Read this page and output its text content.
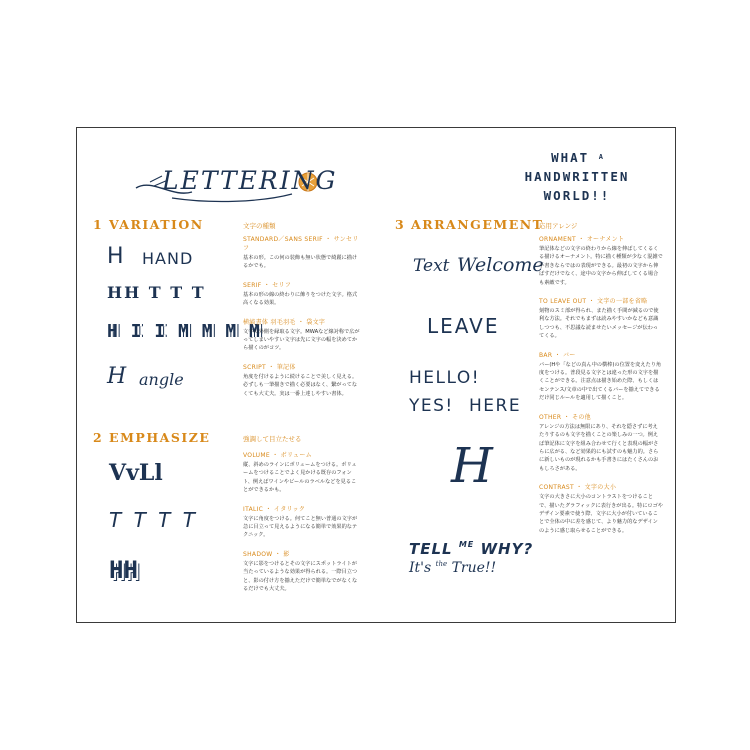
LETTERING
WHAT $^A$
HANDWRITTEN
WORLD!!
1 VARIATION	文字の種類
H HAND
HH T T T
H I I M M M M
H angle
STANDARD／SANS SERIF ・ サンセリフ
基本の形。この何の装飾も無い状態で綺麗に描けるかでも。
SERIF ・ セリフ
基本の形の線の終わりに飾りをつけた文字。格式高くなる効果。
横縞書体 羽毛羽毛 ・ 袋文字
文字の外側を縁取る文字。MWAなど線対称で広がってしまいやすい文字は先に文字の幅を決めてから描くのがコツ。
SCRIPT ・ 筆記体
角度を付けるように続けることで美しく見える。必ずしも一筆描きで描く必要はなく、繋がってなくても大丈夫。実は一番上達しやすい書体。
2 EMPHASIZE	強調して目立たせる
VvLl
T T T T
HH
VOLUME ・ ボリューム
縦、斜めのラインにボリュームをつける。ボリュームをつけることでよく見かける既存のフォント、例えばワインやビールのラベルなどを見ることができるかも。
ITALIC ・ イタリック
文字に角度をつける。何てこと無い普通の文字が急に目立って見えるようになる簡単で効果的なテクニック。
SHADOW ・ 影
文字に影をつけるとその文字にスポットライトが当たっているような効果が得られる。一際目立つと、影の付け方を揃えただけで簡単なでがなくなるだけでも大丈夫。
3 ARRANGEMENT
応用アレンジ
Text Welcome
LEAVE
HELLO!
YES! HERE
H
TELL $^{ME}$ WHY?
It's $^{the}$ True!!
ORNAMENT ・ オーナメント
筆記体などの文字の終わりから線を伸ばしてくるくる描けるオーナメント。特に描く種類が少なく混雑で手書きならではの表現ができる。最初の文字から伸ばすだけでなく、途中の文字から伸ばしてくる場合も素敵です。
TO LEAVE OUT ・ 文字の一部を省略
刻物のスミ部が得られ、また描く手間が減るので使利な方法。それでもまずは読みやすいかなども意識しつつも、不思議な読ませたいメッセージが伝わってくる。
BAR ・ バー
バー(Hや「などの真ん中の横棒)の位置を変えたり角度をつける。普段見る文字とは違った形の文字を描くことができる。注意点は描き始めた際、もしくはセンテンス/文章の中で出てくるバーを揃えてできるだけ同じルールを適用して描くこと。
OTHER ・ その他
アレンジの方法は無限にあり、それを隠さずに考えたりするのも文字を描くことの楽しみの一つ。例えば筆記体に文字を組み合わせて行くと表現の幅がさらに広がる、など効果的にも試すのも魅力的。さらに新しいものが現れるかも手書きにはたくさんのおもしろさがある。
CONTRAST ・ 文字の大小
文字の大きさに大小のコントラストをつけることで、描いたグラフィックに表行きが出る。特にロゴやデザイン要素で使う際、文字に大小が付いていることで全体の中に差を感じて、より魅力的なデザインのように感じ取らせることができる。
